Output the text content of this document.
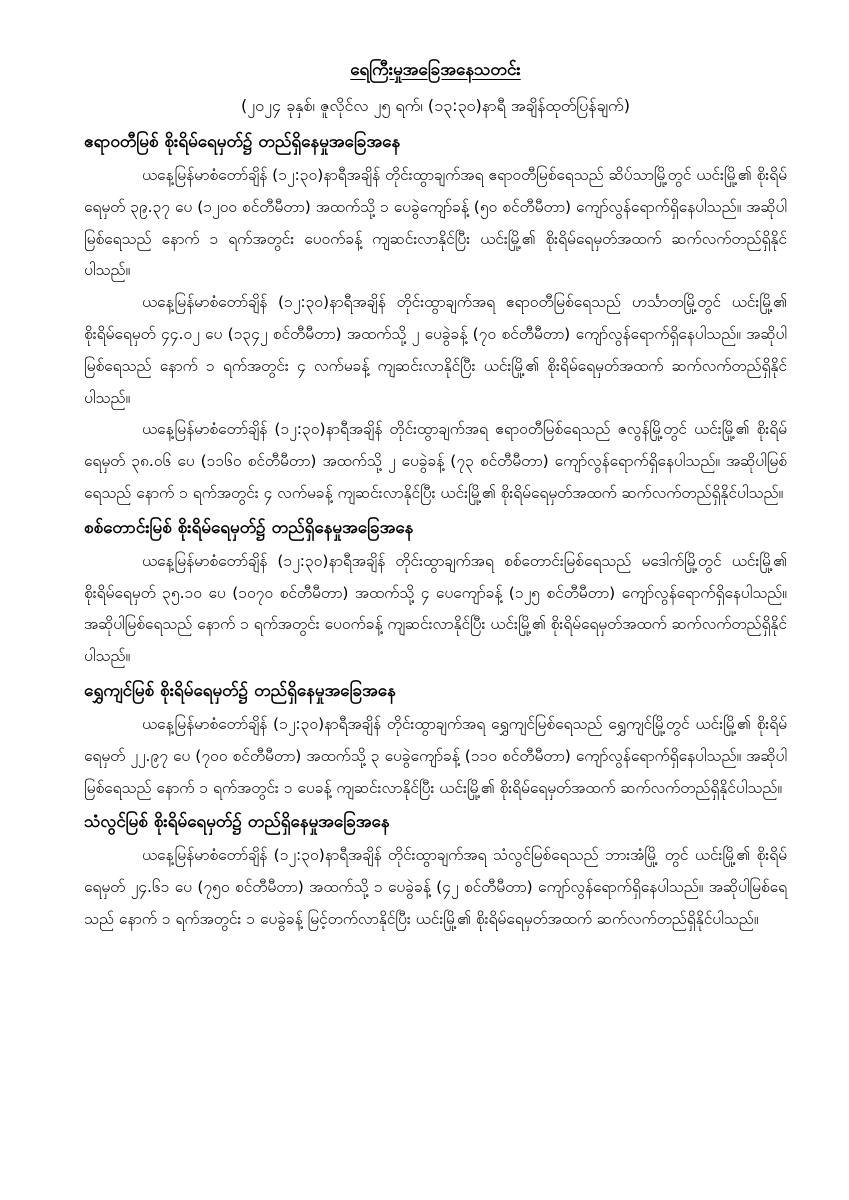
ရေကြီးမှုအခြေအနေသတင်း

(၂၀၂၄ ခုနှစ်၊ ဇူလိုင်လ ၂၅ ရက်၊ (၁၃:၃၀)နာရီ အချိန်ထုတ်ပြန်ချက်)

ဧရာဝတီမြစ် စိုးရိမ်ရေမှတ်၌ တည်ရှိနေမှုအခြေအနေ

ယနေ့မြန်မာစံတော်ချိန် (၁၂:၃၀)နာရီအချိန် တိုင်းထွာချက်အရ ဧရာဝတီမြစ်ရေသည် ဆိပ်သာမြို့တွင် ယင်းမြို့၏ စိုးရိမ်ရေမှတ် ၃၉.၃၇ ပေ (၁၂၀၀ စင်တီမီတာ) အထက်သို့ ၁ ပေခွဲကျော်ခန့် (၅၀ စင်တီမီတာ) ကျော်လွန်ရောက်ရှိနေပါသည်။ အဆိုပါမြစ်ရေသည် နောက် ၁ ရက်အတွင်း ပေဝက်ခန့် ကျဆင်းလာနိုင်ပြီး ယင်းမြို့၏ စိုးရိမ်ရေမှတ်အထက် ဆက်လက်တည်ရှိနိုင်ပါသည်။

ယနေ့မြန်မာစံတော်ချိန် (၁၂:၃၀)နာရီအချိန် တိုင်းထွာချက်အရ ဧရာဝတီမြစ်ရေသည် ဟင်္သာတမြို့တွင် ယင်းမြို့၏ စိုးရိမ်ရေမှတ် ၄၄.၀၂ ပေ (၁၃၄၂ စင်တီမီတာ) အထက်သို့ ၂ ပေခွဲခန့် (၇၀ စင်တီမီတာ) ကျော်လွန်ရောက်ရှိနေပါသည်။ အဆိုပါမြစ်ရေသည် နောက် ၁ ရက်အတွင်း ၄ လက်မခန့် ကျဆင်းလာနိုင်ပြီး ယင်းမြို့၏ စိုးရိမ်ရေမှတ်အထက် ဆက်လက်တည်ရှိနိုင်ပါသည်။

ယနေ့မြန်မာစံတော်ချိန် (၁၂:၃၀)နာရီအချိန် တိုင်းထွာချက်အရ ဧရာဝတီမြစ်ရေသည် ဇလွန်မြို့တွင် ယင်းမြို့၏ စိုးရိမ်ရေမှတ် ၃၈.၀၆ ပေ (၁၁၆၀ စင်တီမီတာ) အထက်သို့ ၂ ပေခွဲခန့် (၇၃ စင်တီမီတာ) ကျော်လွန်ရောက်ရှိနေပါသည်။ အဆိုပါမြစ်ရေသည် နောက် ၁ ရက်အတွင်း ၄ လက်မခန့် ကျဆင်းလာနိုင်ပြီး ယင်းမြို့၏ စိုးရိမ်ရေမှတ်အထက် ဆက်လက်တည်ရှိနိုင်ပါသည်။

စစ်တောင်းမြစ် စိုးရိမ်ရေမှတ်၌ တည်ရှိနေမှုအခြေအနေ

ယနေ့မြန်မာစံတော်ချိန် (၁၂:၃၀)နာရီအချိန် တိုင်းထွာချက်အရ စစ်တောင်းမြစ်ရေသည် မဒေါက်မြို့တွင် ယင်းမြို့၏ စိုးရိမ်ရေမှတ် ၃၅.၁၀ ပေ (၁၀၇၀ စင်တီမီတာ) အထက်သို့ ၄ ပေကျော်ခန့် (၁၂၅ စင်တီမီတာ) ကျော်လွန်ရောက်ရှိနေပါသည်။ အဆိုပါမြစ်ရေသည် နောက် ၁ ရက်အတွင်း ပေဝက်ခန့် ကျဆင်းလာနိုင်ပြီး ယင်းမြို့၏ စိုးရိမ်ရေမှတ်အထက် ဆက်လက်တည်ရှိနိုင်ပါသည်။

ရွှေကျင်မြစ် စိုးရိမ်ရေမှတ်၌ တည်ရှိနေမှုအခြေအနေ

ယနေ့မြန်မာစံတော်ချိန် (၁၂:၃၀)နာရီအချိန် တိုင်းထွာချက်အရ ရွှေကျင်မြစ်ရေသည် ရွှေကျင်မြို့တွင် ယင်းမြို့၏ စိုးရိမ်ရေမှတ် ၂၂.၉၇ ပေ (၇၀၀ စင်တီမီတာ) အထက်သို့ ၃ ပေခွဲကျော်ခန့် (၁၁၀ စင်တီမီတာ) ကျော်လွန်ရောက်ရှိနေပါသည်။ အဆိုပါမြစ်ရေသည် နောက် ၁ ရက်အတွင်း ၁ ပေခန့် ကျဆင်းလာနိုင်ပြီး ယင်းမြို့၏ စိုးရိမ်ရေမှတ်အထက် ဆက်လက်တည်ရှိနိုင်ပါသည်။

သံလွင်မြစ် စိုးရိမ်ရေမှတ်၌ တည်ရှိနေမှုအခြေအနေ

ယနေ့မြန်မာစံတော်ချိန် (၁၂:၃၀)နာရီအချိန် တိုင်းထွာချက်အရ သံလွင်မြစ်ရေသည် ဘားအံမြို့ တွင် ယင်းမြို့၏ စိုးရိမ်ရေမှတ် ၂၄.၆၁ ပေ (၇၅၀ စင်တီမီတာ) အထက်သို့ ၁ ပေခွဲခန့် (၄၂ စင်တီမီတာ) ကျော်လွန်ရောက်ရှိနေပါသည်။ အဆိုပါမြစ်ရေသည် နောက် ၁ ရက်အတွင်း ၁ ပေခွဲခန့် မြင့်တက်လာနိုင်ပြီး ယင်းမြို့၏ စိုးရိမ်ရေမှတ်အထက် ဆက်လက်တည်ရှိနိုင်ပါသည်။
